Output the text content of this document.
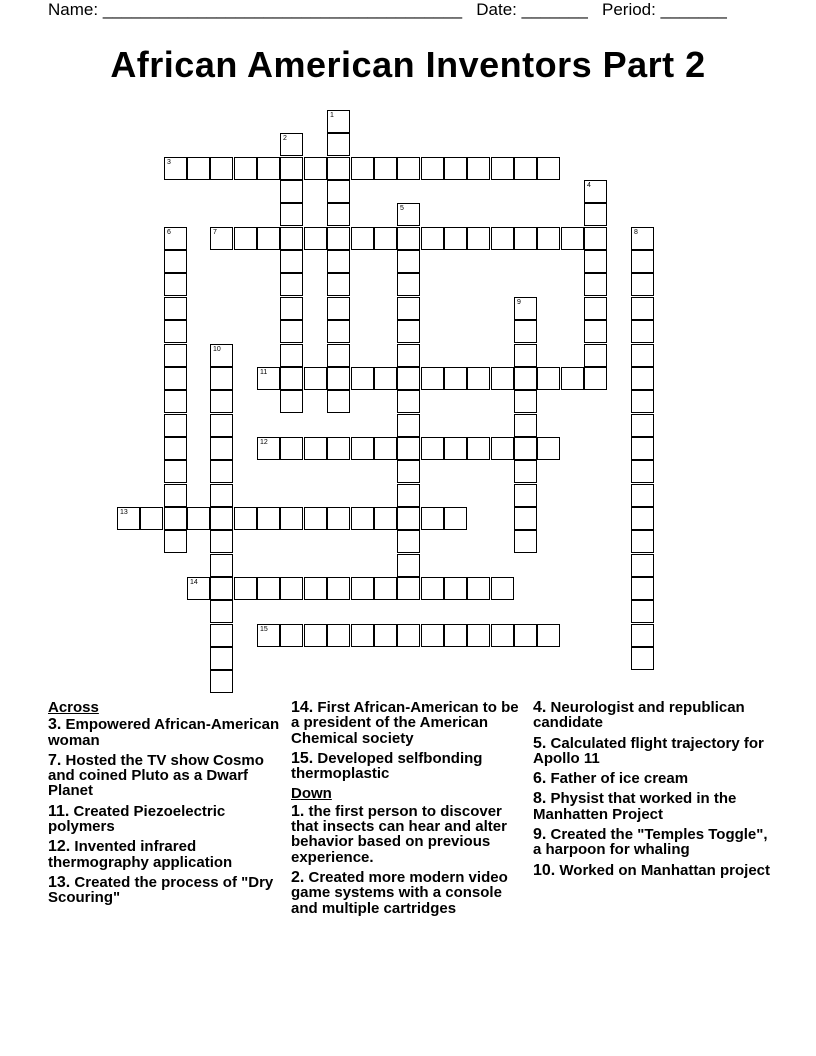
Name: ______________________________________ Date: _______ Period: _______
African American Inventors Part 2
1
2
3
4
5
6	7	8
9
10
11
12
13
14
15
Across
3. Empowered African-American woman
7. Hosted the TV show Cosmo and coined Pluto as a Dwarf Planet
11. Created Piezoelectric polymers
12. Invented infrared thermography application
13. Created the process of "Dry Scouring"
14. First African-American to be a president of the American Chemical society
15. Developed selfbonding thermoplastic
Down
1. the first person to discover that insects can hear and alter behavior based on previous experience.
2. Created more modern video game systems with a console and multiple cartridges
4. Neurologist and republican candidate
5. Calculated flight trajectory for Apollo 11
6. Father of ice cream
8. Physist that worked in the Manhatten Project
9. Created the "Temples Toggle", a harpoon for whaling
10. Worked on Manhattan project
